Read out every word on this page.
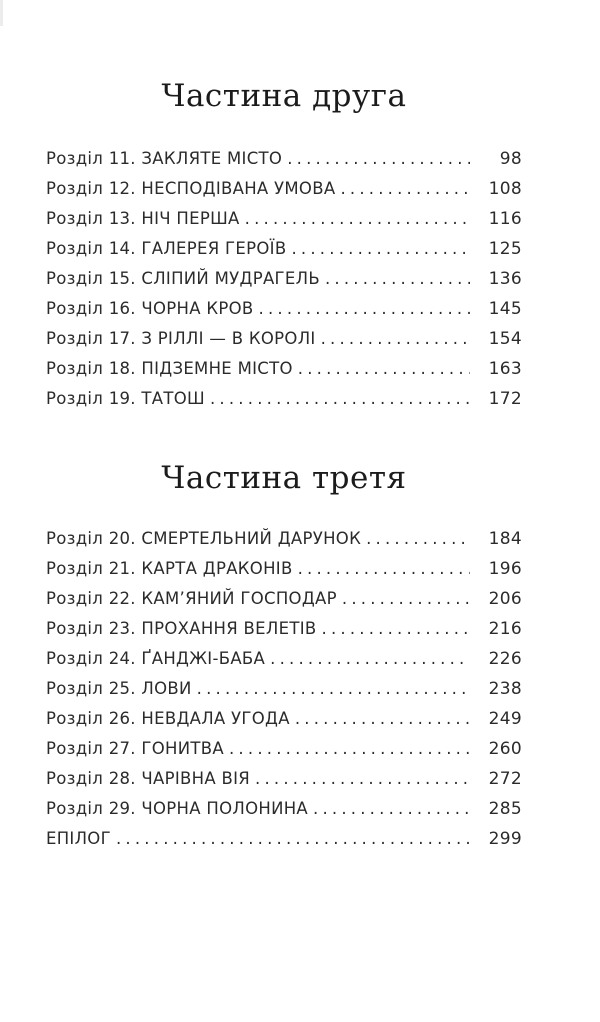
Частина друга
Розділ 11. ЗАКЛЯТЕ МІСТО .....	98
Розділ 12. НЕСПОДІВАНА УМОВА .....	108
Розділ 13. НІЧ ПЕРША .....	116
Розділ 14. ГАЛЕРЕЯ ГЕРОЇВ .....	125
Розділ 15. СЛІПИЙ МУДРАГЕЛЬ .....	136
Розділ 16. ЧОРНА КРОВ .....	145
Розділ 17. З РІЛЛІ — В КОРОЛІ .....	154
Розділ 18. ПІДЗЕМНЕ МІСТО .....	163
Розділ 19. ТАТОШ .....	172
Частина третя
Розділ 20. СМЕРТЕЛЬНИЙ ДАРУНОК .....	184
Розділ 21. КАРТА ДРАКОНІВ .....	196
Розділ 22. КАМ’ЯНИЙ ГОСПОДАР .....	206
Розділ 23. ПРОХАННЯ ВЕЛЕТІВ .....	216
Розділ 24. ҐАНДЖІ-БАБА .....	226
Розділ 25. ЛОВИ .....	238
Розділ 26. НЕВДАЛА УГОДА .....	249
Розділ 27. ГОНИТВА .....	260
Розділ 28. ЧАРІВНА ВІЯ .....	272
Розділ 29. ЧОРНА ПОЛОНИНА .....	285
ЕПІЛОГ .....	299
